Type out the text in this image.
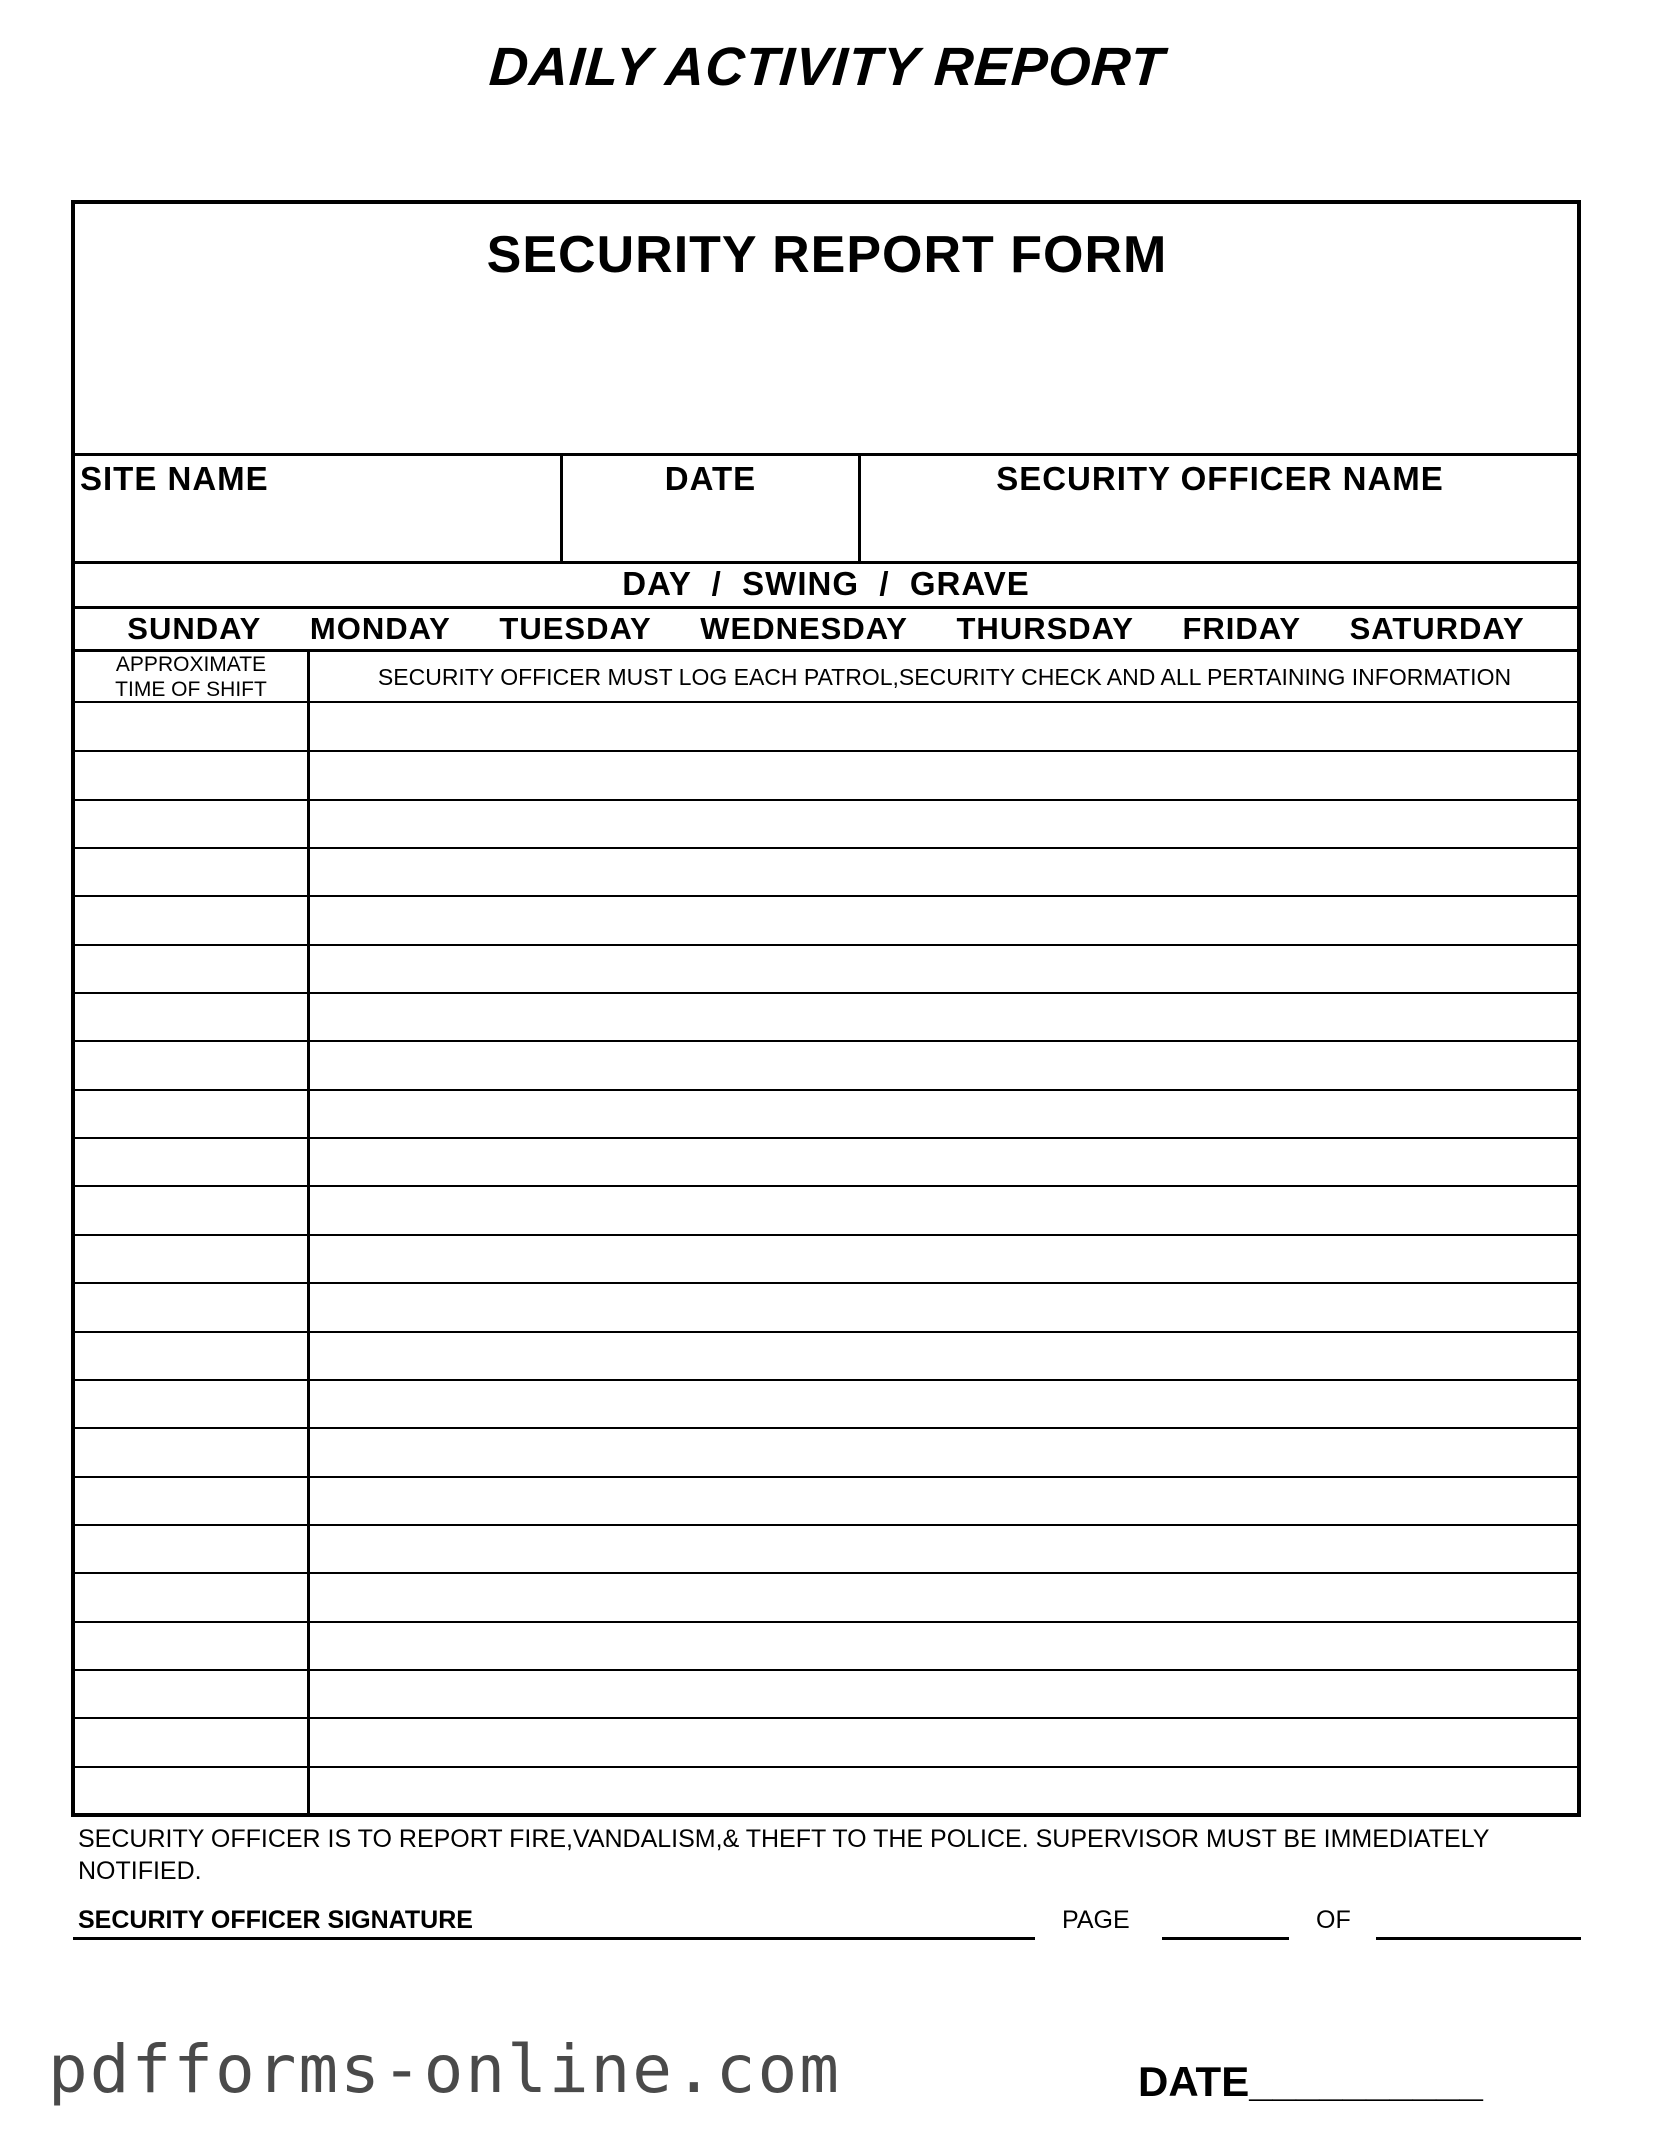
DAILY ACTIVITY REPORT
SECURITY REPORT FORM
SITE NAME	DATE	SECURITY OFFICER NAME
DAY  /  SWING  /  GRAVE
SUNDAY MONDAY TUESDAY WEDNESDAY THURSDAY FRIDAY SATURDAY
APPROXIMATE
TIME OF SHIFT	SECURITY OFFICER MUST LOG EACH PATROL,SECURITY CHECK AND ALL PERTAINING INFORMATION
SECURITY OFFICER IS TO REPORT FIRE,VANDALISM,& THEFT TO THE POLICE. SUPERVISOR MUST BE IMMEDIATELY NOTIFIED.
SECURITY OFFICER SIGNATURE	PAGE	OF
pdfforms-online.com	DATE__________
